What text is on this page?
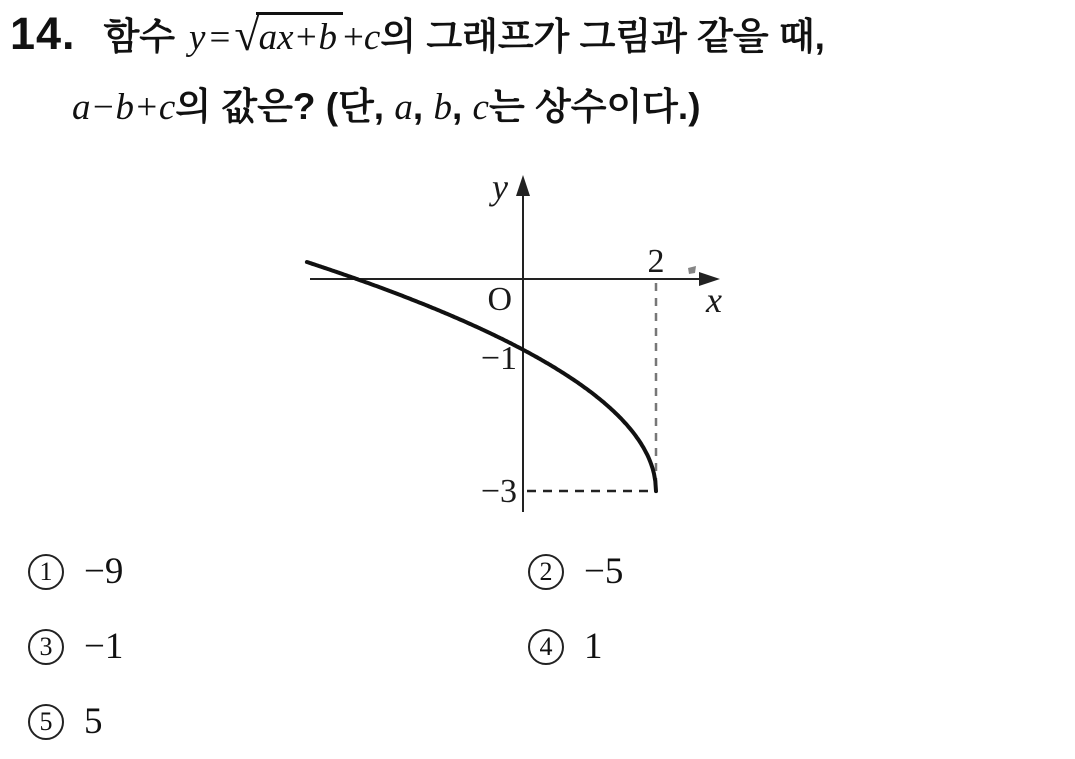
14. 함수 y = √ ax+b + c 의 그래프가 그림과 같을 때,
a−b+c의 값은? (단, a, b, c는 상수이다.)
y
x
O
2
−1
−3
1 −9	2 −5
3 −1	4 1
5 5
